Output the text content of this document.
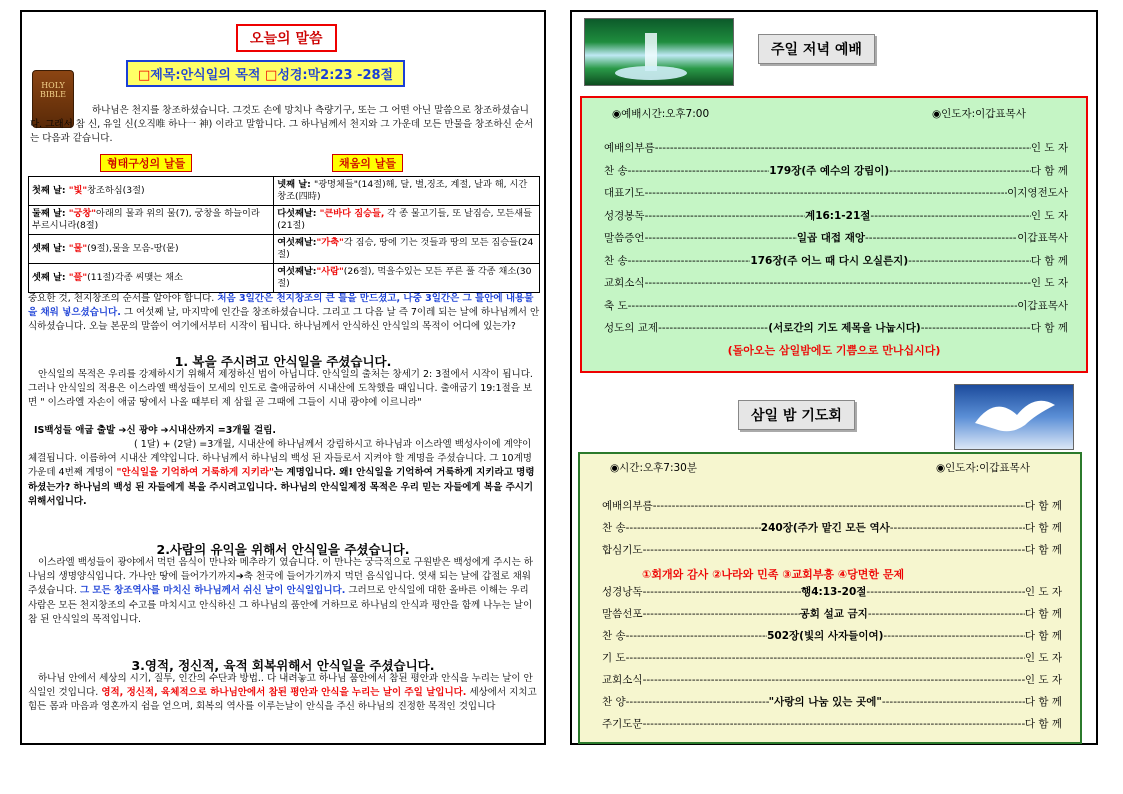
오늘의 말씀
□제목:안식일의 목적 □성경:막2:23 -28절
HOLY BIBLE
하나님은 천지를 창조하셨습니다. 그것도 손에 망치나 측량기구, 또는 그 어떤 아닌 말씀으로 창조하셨습니다. 그래서 참 신, 유일 신(오직唯 하나一 神) 이라고 말합니다. 그 하나님께서 천지와 그 가운데 모든 만물을 창조하신 순서는 다음과 같습니다.
형태구성의 날들	채움의 날들
첫째 날: "빛"창조하심(3절)	넷째 날: "광명체들"(14절)해, 달, 별,징조, 계절, 날과 해, 시간 창조(四時)
둘째 날: "궁창"아래의 물과 위의 물(7), 궁창을 하늘이라 부르시니라(8절)	다섯째날: "큰바다 짐승들, 각 종 물고기들, 또 날짐승, 모든새들(21절)
셋째 날: "물"(9절),물을 모음-땅(뭍)	여섯째날:"가축"각 짐승, 땅에 기는 것들과 땅의 모든 짐승들(24절)
셋째 날: "풀"(11절)각종 씨맺는 채소	여섯째날:"사람"(26절), 먹을수있는 모든 푸른 풀 각종 채소(30절)
중요한 것, 천지창조의 순서를 알아야 합니다. 처음 3일간은 천지창조의 큰 틀을 만드셨고, 나중 3일간은 그 틀안에 내용물을 채워 넣으셨습니다. 그 여섯째 날, 마지막에 인간을 창조하셨습니다. 그리고 그 다음 날 즉 7이레 되는 날에 하나님께서 안식하셨습니다. 오늘 본문의 말씀이 여기에서부터 시작이 됩니다. 하나님께서 안식하신 안식일의 목적이 어디에 있는가?
1. 복을 주시려고 안식일을 주셨습니다.
안식일의 목적은 우리를 강제하시기 위해서 제정하신 법이 아닙니다. 안식일의 출처는 창세기 2: 3절에서 시작이 됩니다. 그러나 안식일의 적용은 이스라엘 백성들이 모세의 인도로 출애굽하여 시내산에 도착했을 때입니다. 출애굽기 19:1절을 보면 " 이스라엘 자손이 애굽 땅에서 나올 때부터 제 삼월 곧 그때에 그들이 시내 광야에 이르니라"
IS백성들 애굽 출발 ➔신 광야 ➔시내산까지 =3개월 걸림.
( 1달) + (2달) =3개월, 시내산에 하나님께서 강림하시고 하나님과 이스라엘 백성사이에 계약이체결됩니다. 이름하여 시내산 계약입니다. 하나님께서 하나님의 백성 된 자들로서 지켜야 할 계명을 주셨습니다. 그 10계명 가운데 4번째 계명이 "안식일을 기억하여 거룩하게 지키라"는 계명입니다. 왜! 안식일을 기억하여 거룩하게 지키라고 명령하셨는가? 하나님의 백성 된 자들에게 복을 주시려고입니다. 하나님의 안식일제정 목적은 우리 믿는 자들에게 복을 주시기 위해서입니다.
2.사람의 유익을 위해서 안식일을 주셨습니다.
이스라엘 백성들이 광야에서 먹던 음식이 만나와 메추라기 였습니다. 이 만나는 궁극적으로 구원받은 백성에게 주시는 하나님의 생명양식입니다. 가나안 땅에 들어가기까지➔축 천국에 들어가기까지 먹던 음식입니다. 엿새 되는 날에 갑절로 채워주셨습니다. 그 모든 창조역사를 마치신 하나님께서 쉬신 날이 안식일입니다. 그러므로 안식일에 대한 올바른 이해는 우리 사람은 모든 천지창조의 수고를 마치시고 안식하신 그 하나님의 품안에 거하므로 하나님의 안식과 평안을 함께 나누는 날이 참 된 안식일의 목적입니다.
3.영적, 정신적, 육적 회복위해서 안식일을 주셨습니다.
하나님 안에서 세상의 시기, 질투, 인간의 수단과 방법.. 다 내려놓고 하나님 품안에서 참된 평안과 안식을 누리는 날이 안식일인 것입니다. 영적, 정신적, 육체적으로 하나님안에서 참된 평안과 안식을 누리는 날이 주일 날입니다. 세상에서 지치고 힘든 몸과 마음과 영혼까지 쉼을 얻으며, 회복의 역사를 이루는날이 안식을 주신 하나님의 진정한 목적인 것입니다
주일 저녁 예배
◉예배시간:오후7:00	◉인도자:이갑표목사
예배의부름 -----	인 도 자
찬 송 -----	179장(주 예수의 강림이) -----	다 함 께
대표기도 -----	이지영전도사
성경봉독 -----	계16:1-21절 -----	인 도 자
말씀증언 -----	일곱 대접 재앙 -----	이갑표목사
찬 송 -----	176장(주 어느 때 다시 오실른지) -----	다 함 께
교회소식 -----	인 도 자
축 도 -----	이갑표목사
성도의 교제 -----	(서로간의 기도 제목을 나눕시다) -----	다 함 께
(돌아오는 삼일밤에도 기쁨으로 만나십시다)
삼일 밤 기도회
◉시간:오후7:30분	◉인도자:이갑표목사
예배의부름 -----	다 함 께
찬 송 -----	240장(주가 맡긴 모든 역사 -----	다 함 께
합심기도 -----	다 함 께
①회개와 감사 ②나라와 민족 ③교회부흥 ④당면한 문제
성경낭독 -----	행4:13-20절 -----	인 도 자
말씀선포 -----	공회 설교 금지 -----	다 함 께
찬 송 -----	502장(빛의 사자들이여) -----	다 함 께
기 도 -----	인 도 자
교회소식 -----	인 도 자
찬 양 -----	"사랑의 나눔 있는 곳에" -----	다 함 께
주기도문 -----	다 함 께
